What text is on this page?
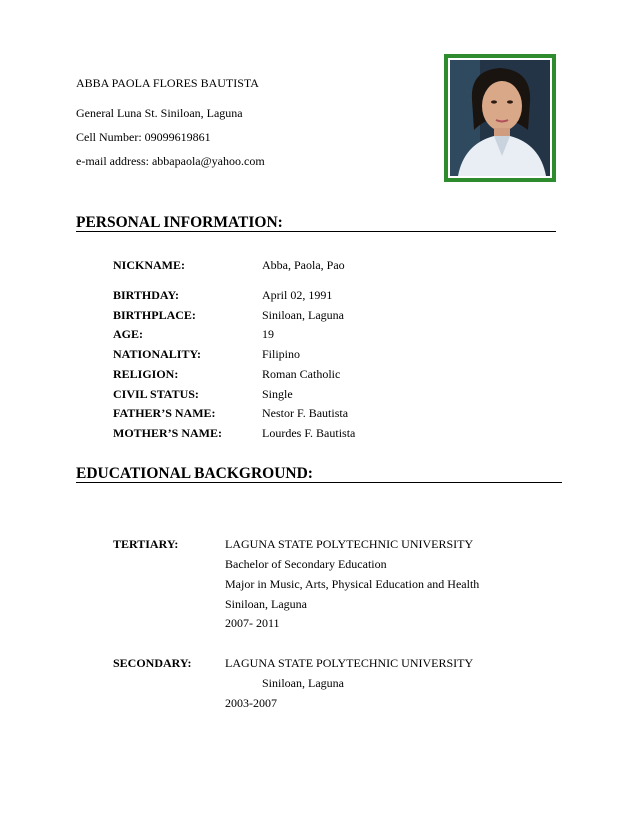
ABBA PAOLA FLORES BAUTISTA
General Luna St. Siniloan, Laguna
Cell Number: 09099619861
e-mail address: abbapaola@yahoo.com
PERSONAL INFORMATION:
NICKNAME:	Abba, Paola, Pao
BIRTHDAY:	April 02, 1991
BIRTHPLACE:	Siniloan, Laguna
AGE:	19
NATIONALITY:	Filipino
RELIGION:	Roman Catholic
CIVIL STATUS:	Single
FATHER’S NAME:	Nestor F. Bautista
MOTHER’S NAME:	Lourdes F. Bautista
EDUCATIONAL BACKGROUND:
TERTIARY:	LAGUNA STATE POLYTECHNIC UNIVERSITY
Bachelor of Secondary Education
Major in Music, Arts, Physical Education and Health
Siniloan, Laguna
2007- 2011
SECONDARY:	LAGUNA STATE POLYTECHNIC UNIVERSITY
Siniloan, Laguna
2003-2007
